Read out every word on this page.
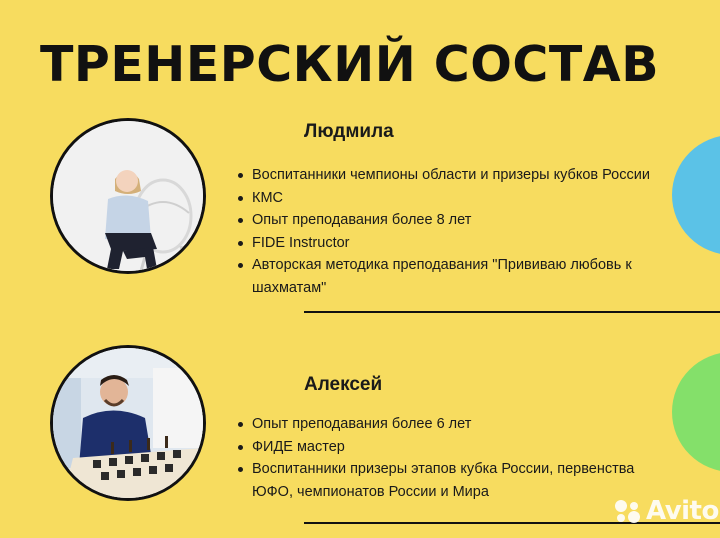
ТРЕНЕРСКИЙ СОСТАВ
Людмила
Воспитанники чемпионы области и призеры кубков России
КМС
Опыт преподавания более 8 лет
FIDE Instructor
Авторская методика преподавания "Прививаю любовь к шахматам"
Алексей
Опыт преподавания более 6 лет
ФИДЕ мастер
Воспитанники призеры этапов кубка России, первенства ЮФО, чемпионатов России и Мира
Avito
